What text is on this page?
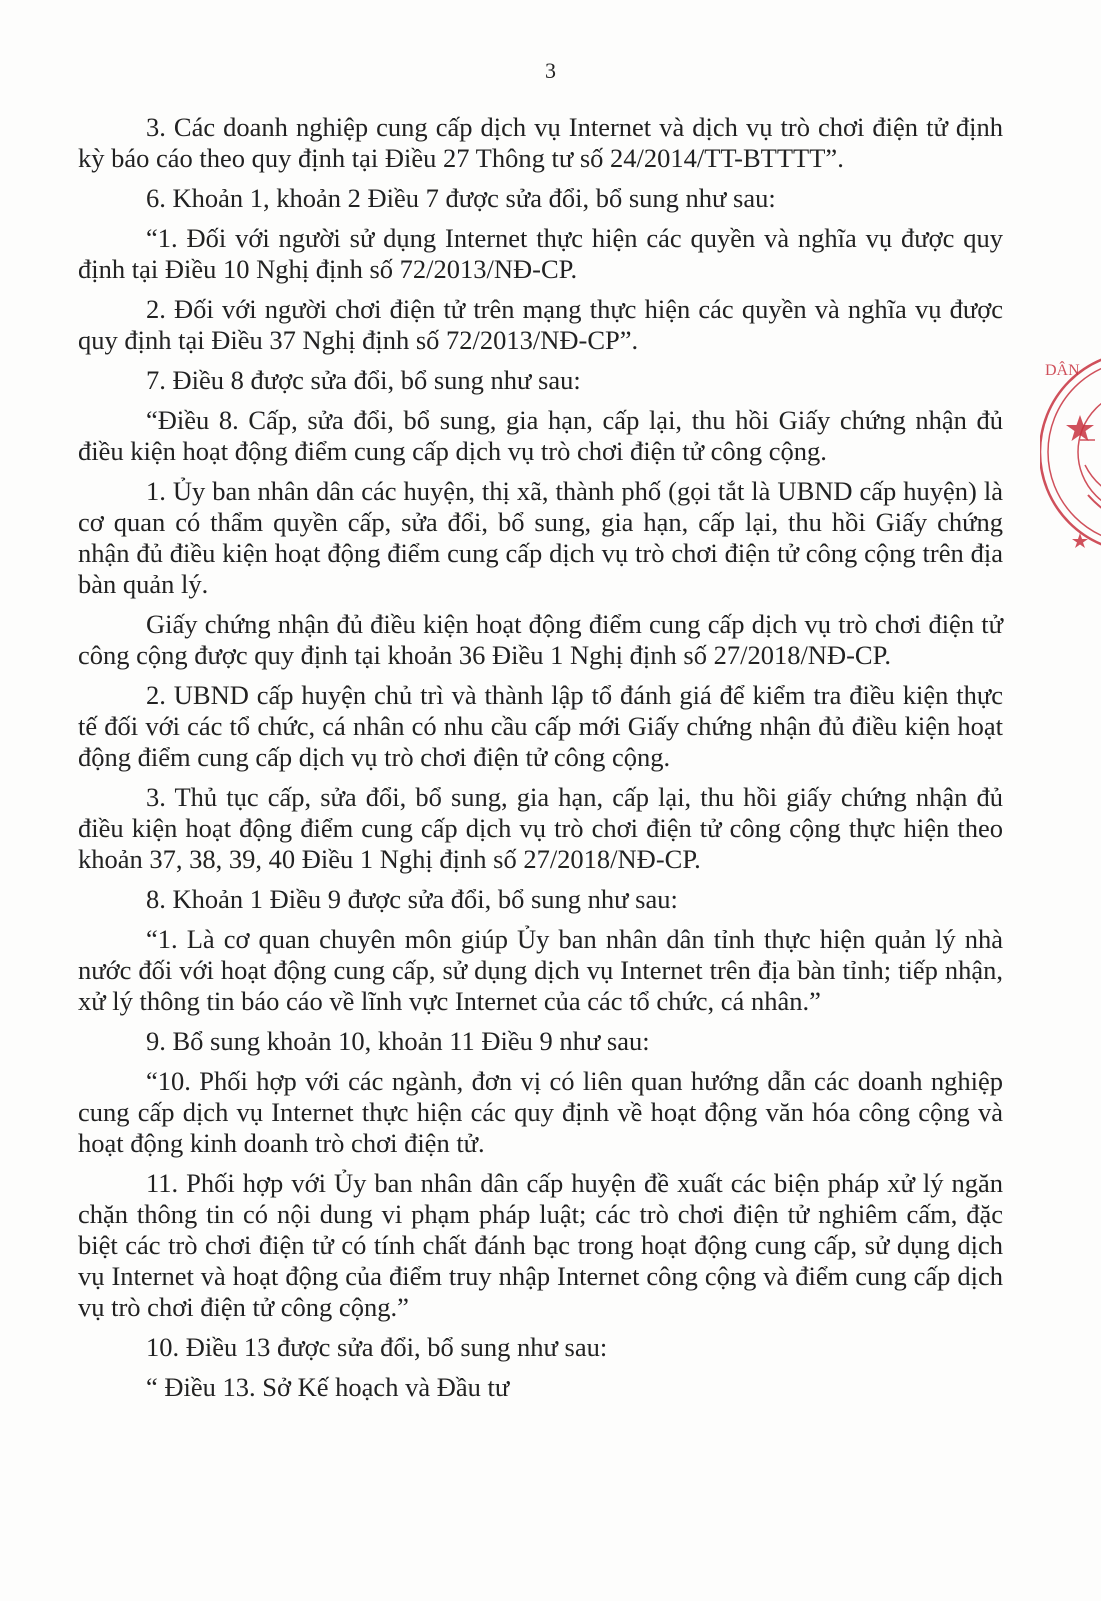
3

3. Các doanh nghiệp cung cấp dịch vụ Internet và dịch vụ trò chơi điện tử định kỳ báo cáo theo quy định tại Điều 27 Thông tư số 24/2014/TT-BTTTT”.

6. Khoản 1, khoản 2 Điều 7 được sửa đổi, bổ sung như sau:

“1. Đối với người sử dụng Internet thực hiện các quyền và nghĩa vụ được quy định tại Điều 10 Nghị định số 72/2013/NĐ-CP.

2. Đối với người chơi điện tử trên mạng thực hiện các quyền và nghĩa vụ được quy định tại Điều 37 Nghị định số 72/2013/NĐ-CP”.

7. Điều 8 được sửa đổi, bổ sung như sau:

“Điều 8. Cấp, sửa đổi, bổ sung, gia hạn, cấp lại, thu hồi Giấy chứng nhận đủ điều kiện hoạt động điểm cung cấp dịch vụ trò chơi điện tử công cộng.

1. Ủy ban nhân dân các huyện, thị xã, thành phố (gọi tắt là UBND cấp huyện) là cơ quan có thẩm quyền cấp, sửa đổi, bổ sung, gia hạn, cấp lại, thu hồi Giấy chứng nhận đủ điều kiện hoạt động điểm cung cấp dịch vụ trò chơi điện tử công cộng trên địa bàn quản lý.

Giấy chứng nhận đủ điều kiện hoạt động điểm cung cấp dịch vụ trò chơi điện tử công cộng được quy định tại khoản 36 Điều 1 Nghị định số 27/2018/NĐ-CP.

2. UBND cấp huyện chủ trì và thành lập tổ đánh giá để kiểm tra điều kiện thực tế đối với các tổ chức, cá nhân có nhu cầu cấp mới Giấy chứng nhận đủ điều kiện hoạt động điểm cung cấp dịch vụ trò chơi điện tử công cộng.

3. Thủ tục cấp, sửa đổi, bổ sung, gia hạn, cấp lại, thu hồi giấy chứng nhận đủ điều kiện hoạt động điểm cung cấp dịch vụ trò chơi điện tử công cộng thực hiện theo khoản 37, 38, 39, 40 Điều 1 Nghị định số 27/2018/NĐ-CP.

8. Khoản 1 Điều 9 được sửa đổi, bổ sung như sau:

“1. Là cơ quan chuyên môn giúp Ủy ban nhân dân tỉnh thực hiện quản lý nhà nước đối với hoạt động cung cấp, sử dụng dịch vụ Internet trên địa bàn tỉnh; tiếp nhận, xử lý thông tin báo cáo về lĩnh vực Internet của các tổ chức, cá nhân.”

9. Bổ sung khoản 10, khoản 11 Điều 9 như sau:

“10. Phối hợp với các ngành, đơn vị có liên quan hướng dẫn các doanh nghiệp cung cấp dịch vụ Internet thực hiện các quy định về hoạt động văn hóa công cộng và hoạt động kinh doanh trò chơi điện tử.

11. Phối hợp với Ủy ban nhân dân cấp huyện đề xuất các biện pháp xử lý ngăn chặn thông tin có nội dung vi phạm pháp luật; các trò chơi điện tử nghiêm cấm, đặc biệt các trò chơi điện tử có tính chất đánh bạc trong hoạt động cung cấp, sử dụng dịch vụ Internet và hoạt động của điểm truy nhập Internet công cộng và điểm cung cấp dịch vụ trò chơi điện tử công cộng.”

10. Điều 13 được sửa đổi, bổ sung như sau:

“ Điều 13. Sở Kế hoạch và Đầu tư

DÂN
